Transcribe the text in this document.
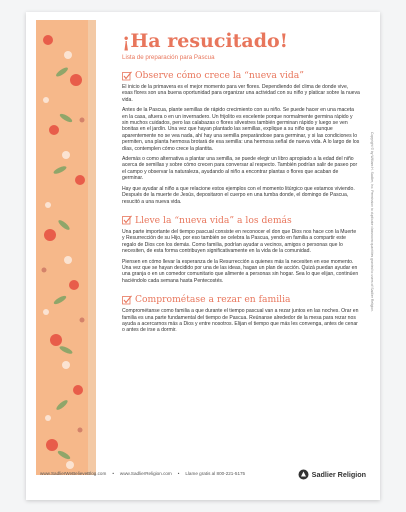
¡Ha resucitado!
Lista de preparación para Pascua
Observe cómo crece la “nueva vida”

El inicio de la primavera es el mejor momento para ver flores. Dependiendo del clima de donde vive, esas flores son una buena oportunidad para organizar una actividad con su niño y platicar sobre la nueva vida.

Antes de la Pascua, plante semillas de rápido crecimiento con su niño. Se puede hacer en una maceta en la casa, afuera o en un invernadero. Un frijolito es excelente porque normalmente germina rápido y sin muchos cuidados, pero las calabazas o flores silvestres también germinan rápido y luego se ven bonitas en el jardín. Una vez que hayan plantado las semillas, explique a su niño que aunque aparentemente no se vea nada, ahí hay una semilla preparándose para germinar, y si las condiciones lo permiten, una planta hermosa brotará de esa semilla: una hermosa señal de nueva vida. A lo largo de los días, contemplen cómo crece la plantita.

Además o como alternativa a plantar una semilla, se puede elegir un libro apropiado a la edad del niño acerca de semillas y sobre cómo crecen para conversar al respecto. También podrían salir de paseo por el campo y observar la naturaleza, ayudando al niño a encontrar plantas o flores que acaban de germinar.

Hay que ayudar al niño a que relacione estos ejemplos con el momento litúrgico que estamos viviendo. Después de la muerte de Jesús, depositaron el cuerpo en una tumba donde, el domingo de Pascua, resucitó a una nueva vida.

Lleve la “nueva vida” a los demás

Una parte importante del tiempo pascual consiste en reconocer el don que Dios nos hace con la Muerte y Resurrección de su Hijo, por eso también se celebra la Pascua, yendo en familia a compartir este regalo de Dios con los demás. Como familia, podrían ayudar a vecinos, amigos o personas que lo necesiten, de esta forma contribuyen significativamente en la vida de la comunidad.

Piensen en cómo llevar la esperanza de la Resurrección a quienes más la necesiten en ese momento. Una vez que se hayan decidido por una de las ideas, hagan un plan de acción. Quizá puedan ayudar en una granja o en un comedor comunitario que alimente a personas sin hogar. Sea lo que elijan, continúen haciéndolo cada semana hasta Pentecostés.

Comprométase a rezar en familia

Comprométanse como familia a que durante el tiempo pascual van a rezar juntos en las noches. Orar en familia es una parte fundamental del tiempo de Pascua. Reúnanse alrededor de la mesa para rezar nos ayuda a acercarnos más a Dios y entre nosotros. Elijan el tiempo que más les convenga, antes de cenar o antes de irse a dormir.

Copyright © by William H. Sadlier, Inc. Permission to duplicate classroom quantities granted to users of Sadlier Religion.
www.SadlierWeBelieveBlog.com • www.SadlierReligion.com • Llame gratis al 800-221-5175	Sadlier Religion
